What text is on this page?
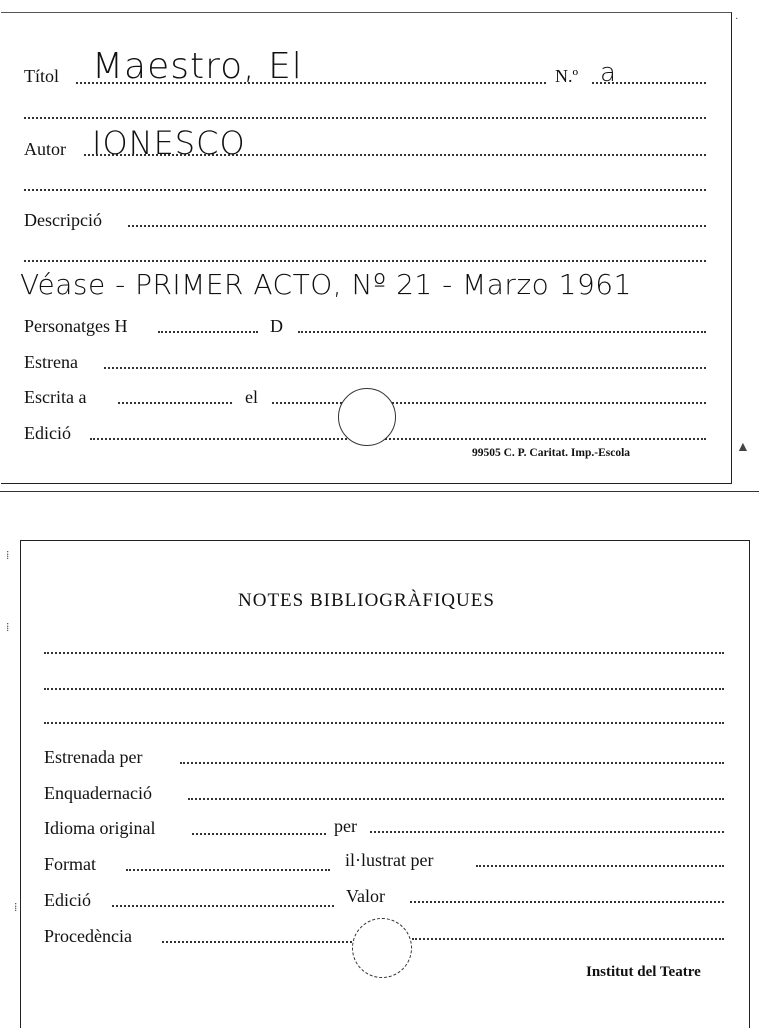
Títol Maestro, El	N.º a
Autor IONESCO
Descripció
Véase - PRIMER ACTO, Nº 21 - Marzo 1961
Personatges H	D
Estrena
Escrita a	el
Edició
99505 C. P. Caritat. Imp.-Escola
·
▲
NOTES BIBLIOGRÀFIQUES
Estrenada per
Enquadernació
Idioma original	per
Format	il·lustrat per
Edició	Valor
Procedència
Institut del Teatre
⁞
⁞
⁞
